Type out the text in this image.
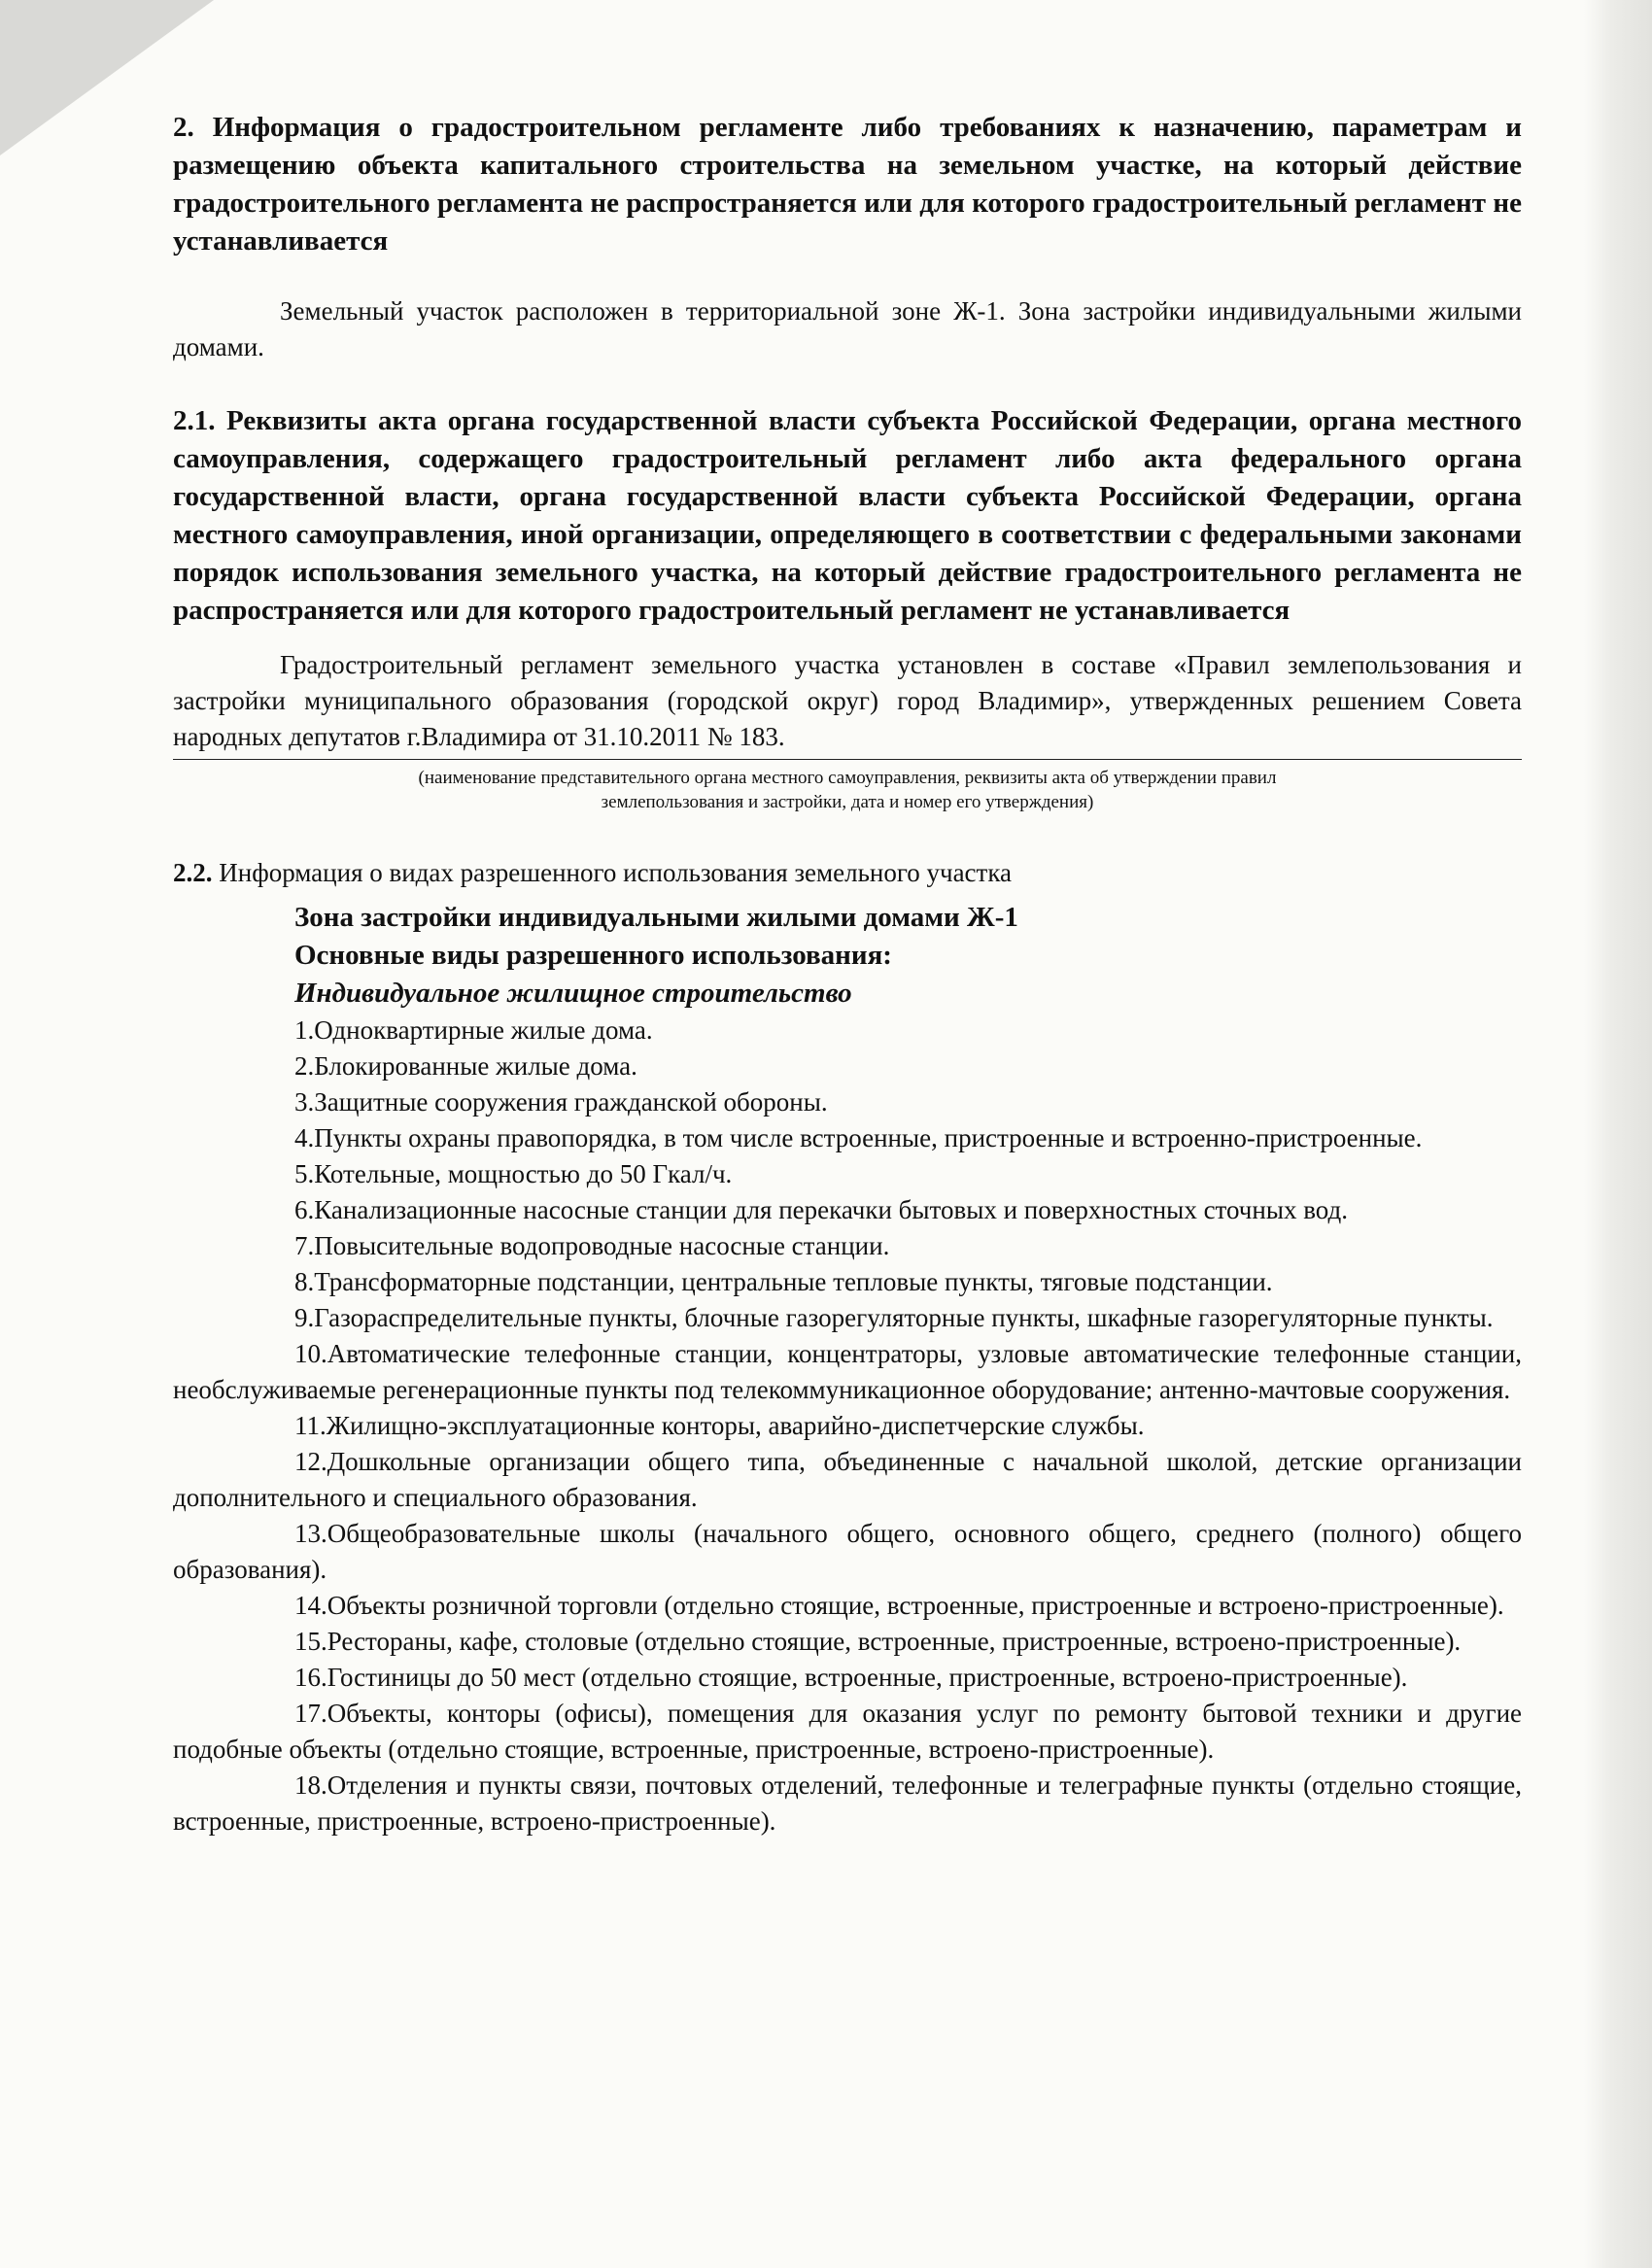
2. Информация о градостроительном регламенте либо требованиях к назначению, параметрам и размещению объекта капитального строительства на земельном участке, на который действие градостроительного регламента не распространяется или для которого градостроительный регламент не устанавливается

Земельный участок расположен в территориальной зоне Ж-1. Зона застройки индивидуальными жилыми домами.

2.1. Реквизиты акта органа государственной власти субъекта Российской Федерации, органа местного самоуправления, содержащего градостроительный регламент либо акта федерального органа государственной власти, органа государственной власти субъекта Российской Федерации, органа местного самоуправления, иной организации, определяющего в соответствии с федеральными законами порядок использования земельного участка, на который действие градостроительного регламента не распространяется или для которого градостроительный регламент не устанавливается

Градостроительный регламент земельного участка установлен в составе «Правил землепользования и застройки муниципального образования (городской округ) город Владимир», утвержденных решением Совета народных депутатов г.Владимира от 31.10.2011 № 183.

(наименование представительного органа местного самоуправления, реквизиты акта об утверждении правил

землепользования и застройки, дата и номер его утверждения)

2.2. Информация о видах разрешенного использования земельного участка

Зона застройки индивидуальными жилыми домами Ж-1
Основные виды разрешенного использования:
Индивидуальное жилищное строительство

1.Одноквартирные жилые дома.

2.Блокированные жилые дома.

3.Защитные сооружения гражданской обороны.

4.Пункты охраны правопорядка, в том числе встроенные, пристроенные и встроенно-пристроенные.

5.Котельные, мощностью до 50 Гкал/ч.

6.Канализационные насосные станции для перекачки бытовых и поверхностных сточных вод.

7.Повысительные водопроводные насосные станции.

8.Трансформаторные подстанции, центральные тепловые пункты, тяговые подстанции.

9.Газораспределительные пункты, блочные газорегуляторные пункты, шкафные газорегуляторные пункты.

10.Автоматические телефонные станции, концентраторы, узловые автоматические телефонные станции, необслуживаемые регенерационные пункты под телекоммуникационное оборудование; антенно-мачтовые сооружения.

11.Жилищно-эксплуатационные конторы, аварийно-диспетчерские службы.

12.Дошкольные организации общего типа, объединенные с начальной школой, детские организации дополнительного и специального образования.

13.Общеобразовательные школы (начального общего, основного общего, среднего (полного) общего образования).

14.Объекты розничной торговли (отдельно стоящие, встроенные, пристроенные и встроено-пристроенные).

15.Рестораны, кафе, столовые (отдельно стоящие, встроенные, пристроенные, встроено-пристроенные).

16.Гостиницы до 50 мест (отдельно стоящие, встроенные, пристроенные, встроено-пристроенные).

17.Объекты, конторы (офисы), помещения для оказания услуг по ремонту бытовой техники и другие подобные объекты (отдельно стоящие, встроенные, пристроенные, встроено-пристроенные).

18.Отделения и пункты связи, почтовых отделений, телефонные и телеграфные пункты (отдельно стоящие, встроенные, пристроенные, встроено-пристроенные).
